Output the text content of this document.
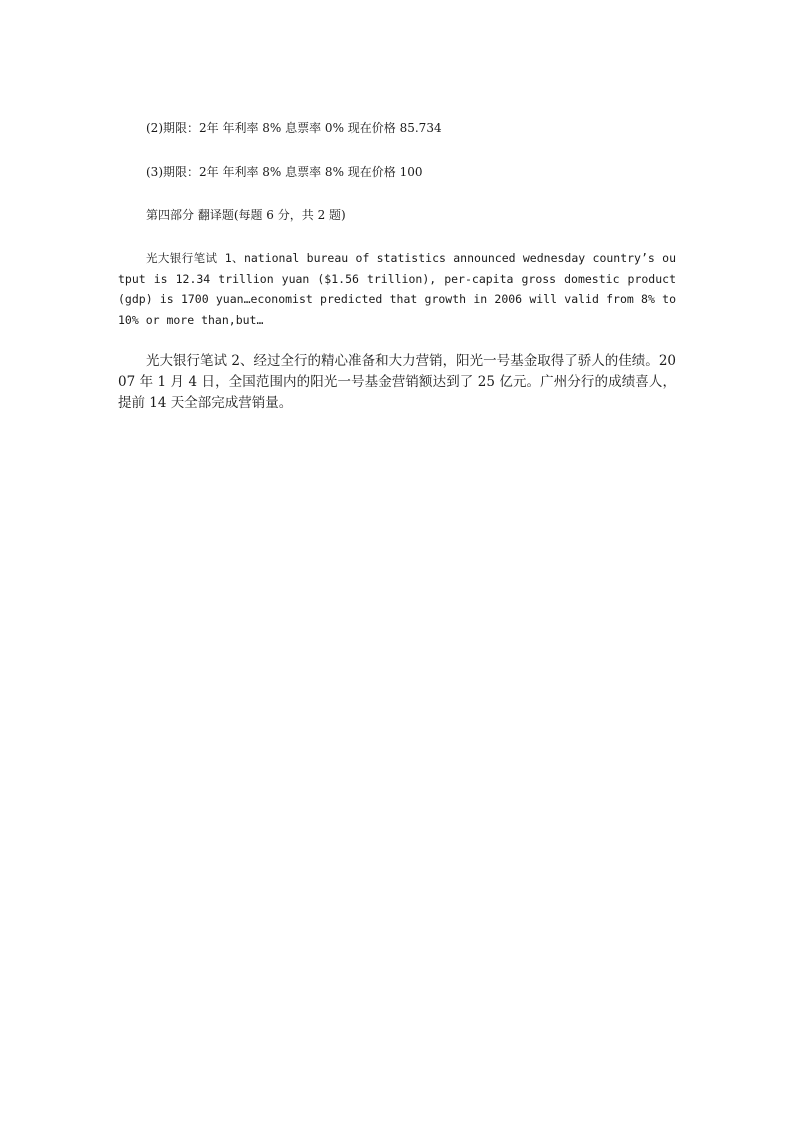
(2)期限：2年 年利率 8% 息票率 0% 现在价格 85.734

(3)期限：2年 年利率 8% 息票率 8% 现在价格 100

第四部分 翻译题(每题 6 分，共 2 题)

光大银行笔试 1、national bureau of statistics announced wednesday country’s output is 12.34 trillion yuan ($1.56 trillion), per-capita gross domestic product(gdp) is 1700 yuan…economist predicted that growth in 2006 will valid from 8% to 10% or more than,but…

光大银行笔试 2、经过全行的精心准备和大力营销，阳光一号基金取得了骄人的佳绩。2007 年 1 月 4 日，全国范围内的阳光一号基金营销额达到了 25 亿元。广州分行的成绩喜人，提前 14 天全部完成营销量。
